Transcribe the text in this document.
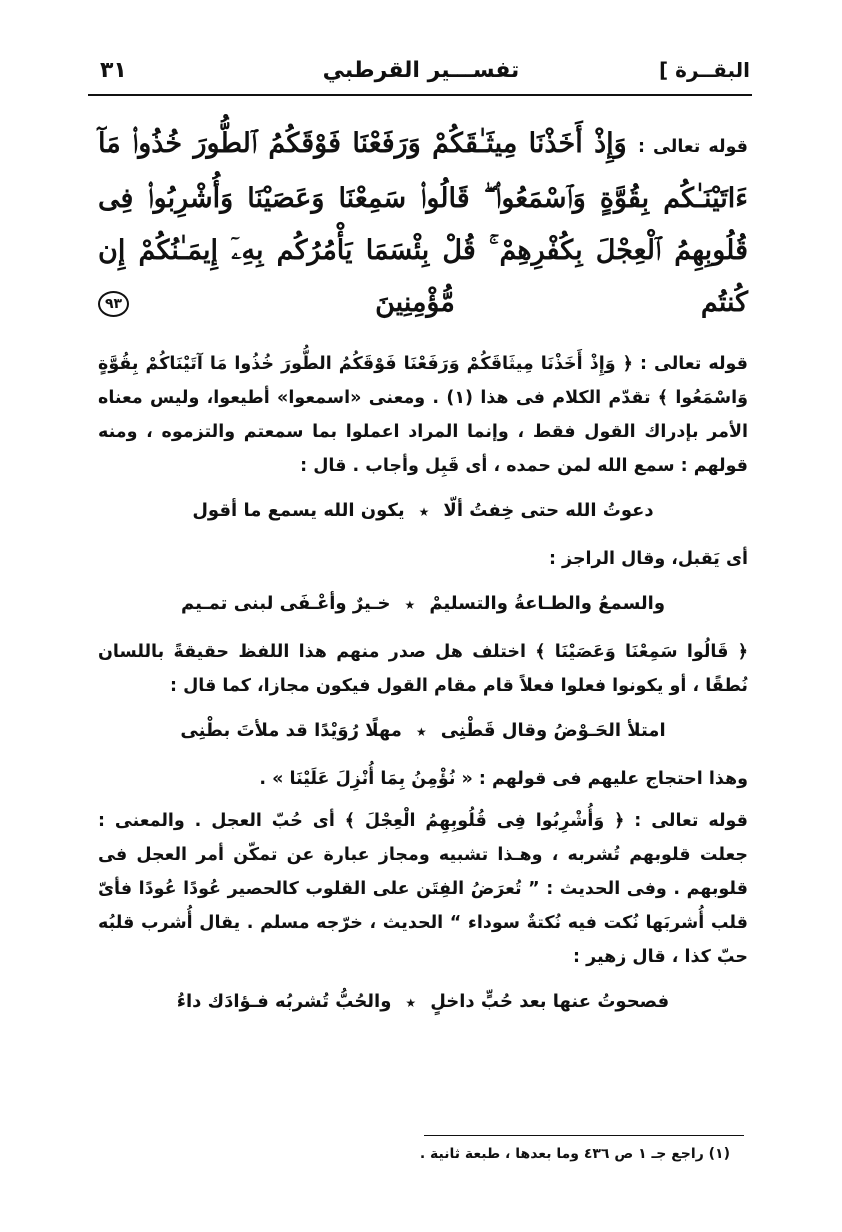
البقــرة ]
تفســـير القرطبي
٣١

قوله تعالى : وَإِذْ أَخَذْنَا مِيثَـٰقَكُمْ وَرَفَعْنَا فَوْقَكُمُ ٱلطُّورَ خُذُوا۟ مَآ ءَاتَيْنَـٰكُم بِقُوَّةٍ وَٱسْمَعُوا۟ ۖ قَالُوا۟ سَمِعْنَا وَعَصَيْنَا وَأُشْرِبُوا۟ فِى قُلُوبِهِمُ ٱلْعِجْلَ بِكُفْرِهِمْ ۚ قُلْ بِئْسَمَا يَأْمُرُكُم بِهِۦٓ إِيمَـٰنُكُمْ إِن كُنتُم مُّؤْمِنِينَ ٩٣

قوله تعالى : ﴿ وَإِذْ أَخَذْنَا مِيثَاقَكُمْ وَرَفَعْنَا فَوْقَكُمُ الطُّورَ خُذُوا مَا آتَيْنَاكُمْ بِقُوَّةٍ وَاسْمَعُوا ﴾ تقدّم الكلام فى هذا (١) . ومعنى «اسمعوا» أطيعوا، وليس معناه الأمر بإدراك القول فقط ، وإنما المراد اعملوا بما سمعتم والتزموه ، ومنه قولهم : سمع الله لمن حمده ، أى قَبِل وأجاب . قال :

دعوتُ الله حتى خِفتُ ألّا★يكون الله يسمع ما أقول

أى يَقبل، وقال الراجز :

والسمعُ والطـاعةُ والتسليمْ★خـيرٌ وأعْـفَى لبنى تمـيم

﴿ قَالُوا سَمِعْنَا وَعَصَيْنَا ﴾ اختلف هل صدر منهم هذا اللفظ حقيقةً باللسان نُطقًا ، أو يكونوا فعلوا فعلاً قام مقام القول فيكون مجازا، كما قال :

امتلأ الحَـوْضُ وقال قَطْنِى★مهلًا رُوَيْدًا قد ملأتَ بطْنِى

وهذا احتجاج عليهم فى قولهم : « نُؤْمِنُ بِمَا أُنْزِلَ عَلَيْنَا » .

قوله تعالى : ﴿ وَأُشْرِبُوا فِى قُلُوبِهِمُ الْعِجْلَ ﴾ أى حُبّ العجل . والمعنى : جعلت قلوبهم تُشربه ، وهـذا تشبيه ومجاز عبارة عن تمكّن أمر العجل فى قلوبهم . وفى الحديث : ” تُعرَضُ الفِتَن على القلوب كالحصير عُودًا عُودًا فأىّ قلب أُشربَها نُكت فيه نُكتةٌ سوداء “ الحديث ، خرّجه مسلم . يقال أُشرب قلبُه حبّ كذا ، قال زهير :

فصحوتُ عنها بعد حُبٍّ داخلٍ★والحُبُّ تُشربُه فـؤادَك داءُ
(١) راجع جـ ١ ص ٤٣٦ وما بعدها ، طبعة ثانية .
